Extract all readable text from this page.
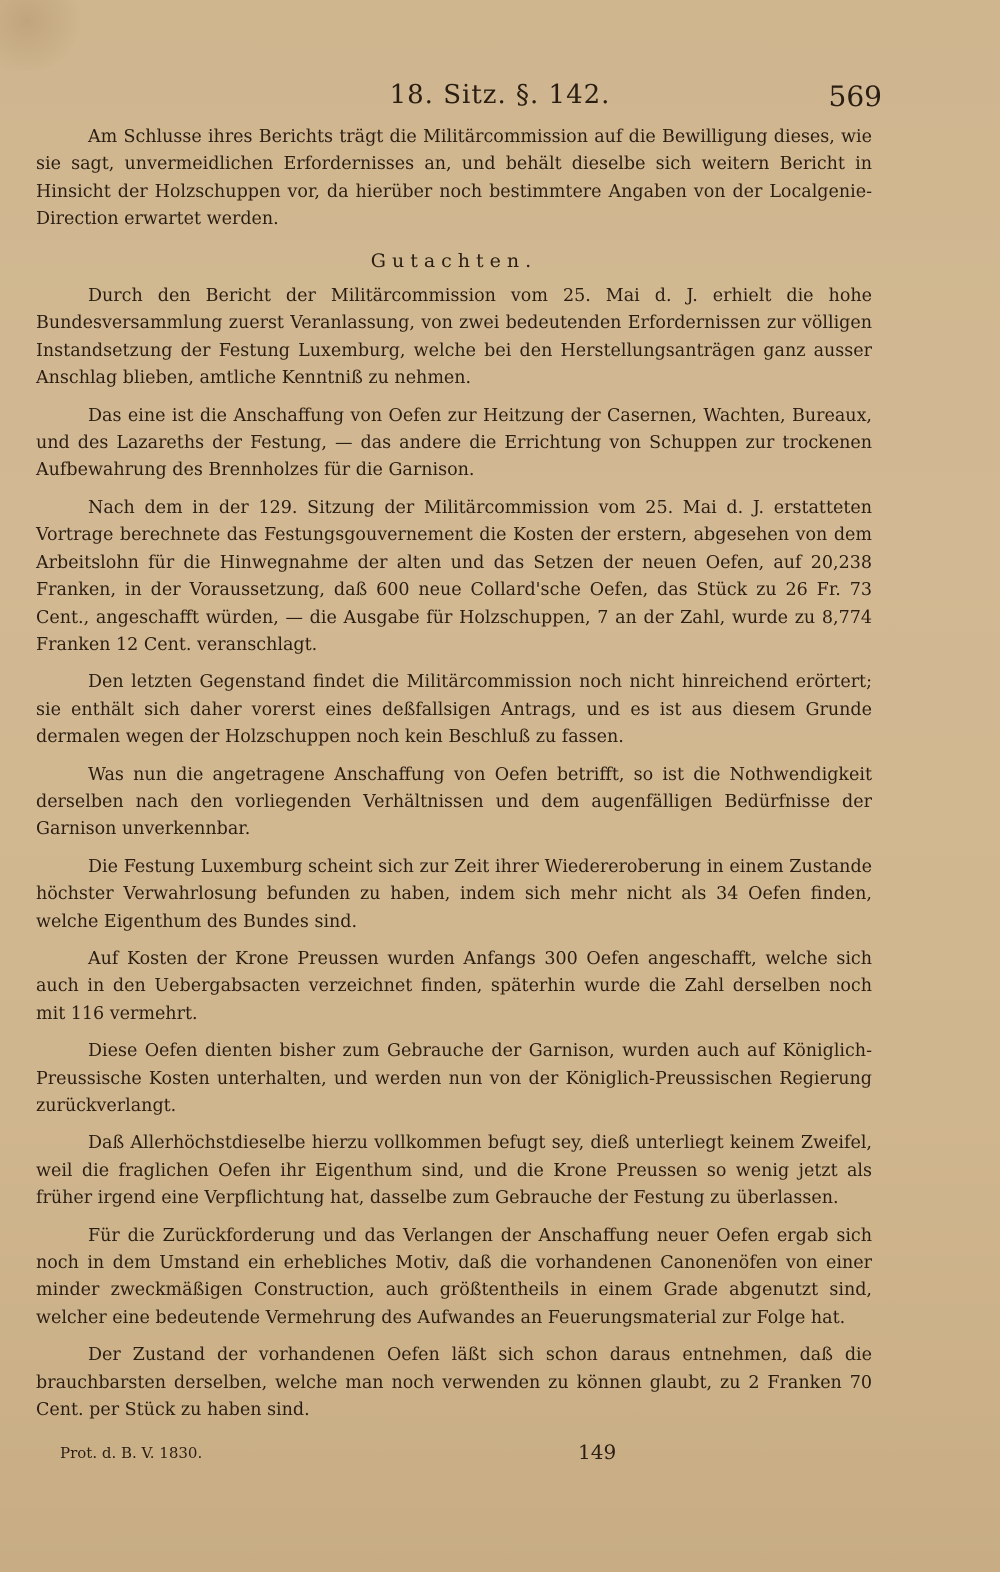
18. Sitz. §. 142.	569

Am Schlusse ihres Berichts trägt die Militärcommission auf die Bewilligung dieses, wie sie sagt, unvermeidlichen Erfordernisses an, und behält dieselbe sich weitern Bericht in Hinsicht der Holzschuppen vor, da hierüber noch bestimmtere Angaben von der Localgenie-Direction erwartet werden.

Gutachten.

Durch den Bericht der Militärcommission vom 25. Mai d. J. erhielt die hohe Bundesversammlung zuerst Veranlassung, von zwei bedeutenden Erfordernissen zur völligen Instandsetzung der Festung Luxemburg, welche bei den Herstellungsanträgen ganz ausser Anschlag blieben, amtliche Kenntniß zu nehmen.

Das eine ist die Anschaffung von Oefen zur Heitzung der Casernen, Wachten, Bureaux, und des Lazareths der Festung, — das andere die Errichtung von Schuppen zur trockenen Aufbewahrung des Brennholzes für die Garnison.

Nach dem in der 129. Sitzung der Militärcommission vom 25. Mai d. J. erstatteten Vortrage berechnete das Festungsgouvernement die Kosten der erstern, abgesehen von dem Arbeitslohn für die Hinwegnahme der alten und das Setzen der neuen Oefen, auf 20,238 Franken, in der Voraussetzung, daß 600 neue Collard'sche Oefen, das Stück zu 26 Fr. 73 Cent., angeschafft würden, — die Ausgabe für Holzschuppen, 7 an der Zahl, wurde zu 8,774 Franken 12 Cent. veranschlagt.

Den letzten Gegenstand findet die Militärcommission noch nicht hinreichend erörtert; sie enthält sich daher vorerst eines deßfallsigen Antrags, und es ist aus diesem Grunde dermalen wegen der Holzschuppen noch kein Beschluß zu fassen.

Was nun die angetragene Anschaffung von Oefen betrifft, so ist die Nothwendigkeit derselben nach den vorliegenden Verhältnissen und dem augenfälligen Bedürfnisse der Garnison unverkennbar.

Die Festung Luxemburg scheint sich zur Zeit ihrer Wiedereroberung in einem Zustande höchster Verwahrlosung befunden zu haben, indem sich mehr nicht als 34 Oefen finden, welche Eigenthum des Bundes sind.

Auf Kosten der Krone Preussen wurden Anfangs 300 Oefen angeschafft, welche sich auch in den Uebergabsacten verzeichnet finden, späterhin wurde die Zahl derselben noch mit 116 vermehrt.

Diese Oefen dienten bisher zum Gebrauche der Garnison, wurden auch auf Königlich-Preussische Kosten unterhalten, und werden nun von der Königlich-Preussischen Regierung zurückverlangt.

Daß Allerhöchstdieselbe hierzu vollkommen befugt sey, dieß unterliegt keinem Zweifel, weil die fraglichen Oefen ihr Eigenthum sind, und die Krone Preussen so wenig jetzt als früher irgend eine Verpflichtung hat, dasselbe zum Gebrauche der Festung zu überlassen.

Für die Zurückforderung und das Verlangen der Anschaffung neuer Oefen ergab sich noch in dem Umstand ein erhebliches Motiv, daß die vorhandenen Canonenöfen von einer minder zweckmäßigen Construction, auch größtentheils in einem Grade abgenutzt sind, welcher eine bedeutende Vermehrung des Aufwandes an Feuerungsmaterial zur Folge hat.

Der Zustand der vorhandenen Oefen läßt sich schon daraus entnehmen, daß die brauchbarsten derselben, welche man noch verwenden zu können glaubt, zu 2 Franken 70 Cent. per Stück zu haben sind.

Prot. d. B. V. 1830.	149
